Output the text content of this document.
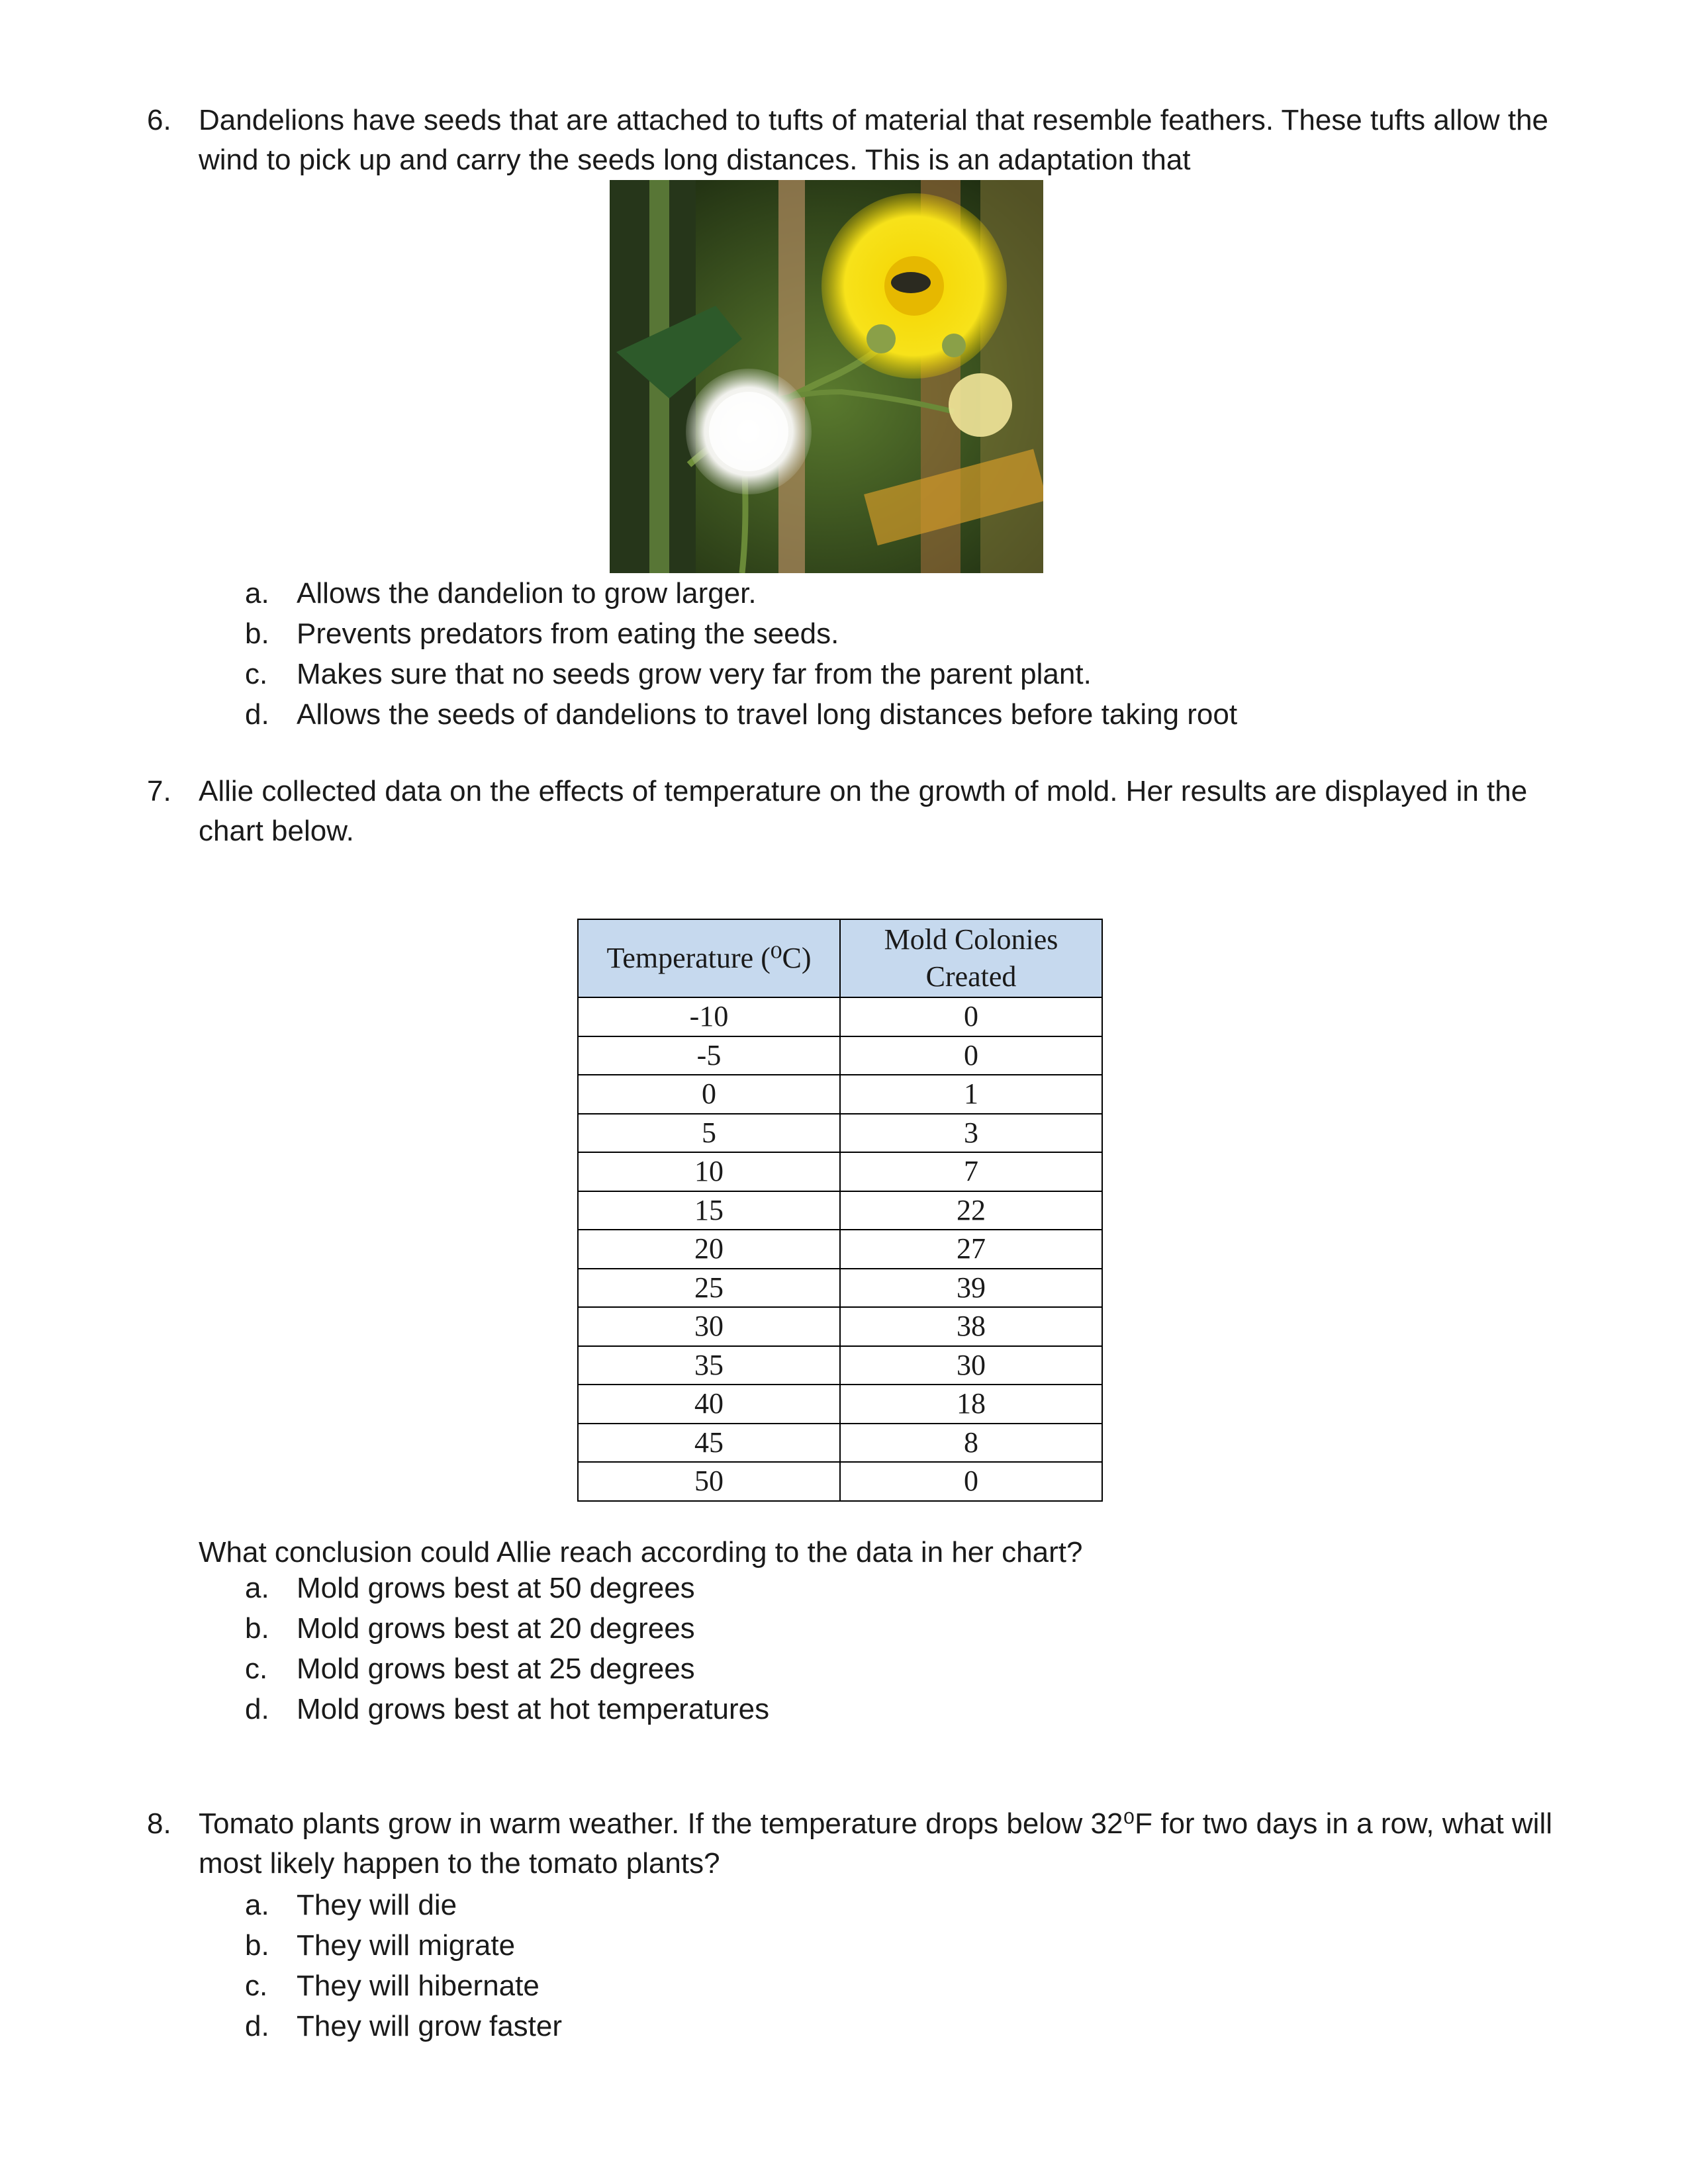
6. Dandelions have seeds that are attached to tufts of material that resemble feathers. These tufts allow the wind to pick up and carry the seeds long distances. This is an adaptation that
a. Allows the dandelion to grow larger.
b. Prevents predators from eating the seeds.
c. Makes sure that no seeds grow very far from the parent plant.
d. Allows the seeds of dandelions to travel long distances before taking root
7. Allie collected data on the effects of temperature on the growth of mold. Her results are displayed in the chart below.
Temperature (⁰C)	Mold Colonies Created
-10	0
-5	0
0	1
5	3
10	7
15	22
20	27
25	39
30	38
35	30
40	18
45	8
50	0
What conclusion could Allie reach according to the data in her chart?
a. Mold grows best at 50 degrees
b. Mold grows best at 20 degrees
c. Mold grows best at 25 degrees
d. Mold grows best at hot temperatures
8. Tomato plants grow in warm weather. If the temperature drops below 32⁰F for two days in a row, what will most likely happen to the tomato plants?
a. They will die
b. They will migrate
c. They will hibernate
d. They will grow faster
